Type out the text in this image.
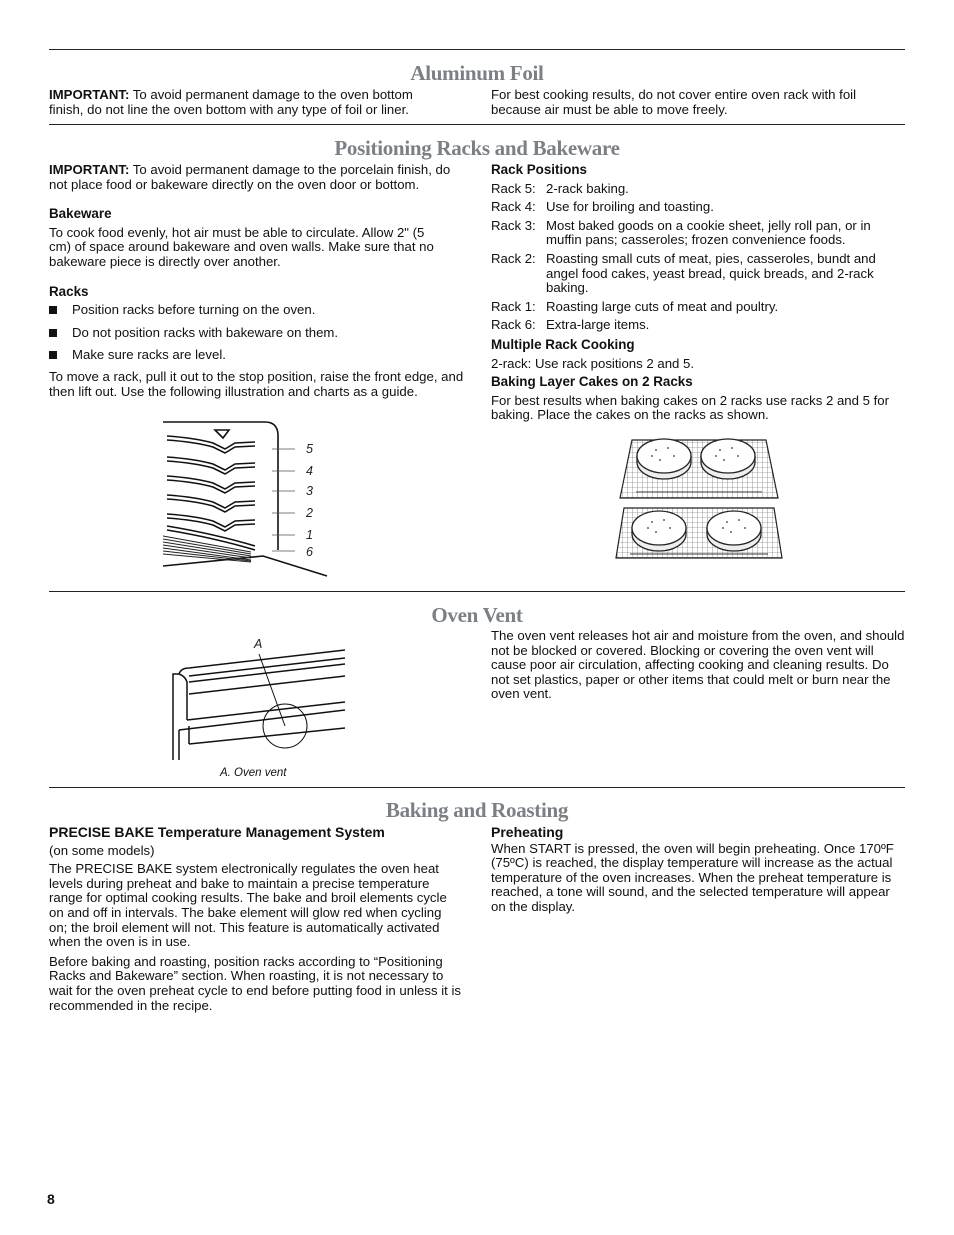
Aluminum Foil

IMPORTANT: To avoid permanent damage to the oven bottom finish, do not line the oven bottom with any type of foil or liner.

For best cooking results, do not cover entire oven rack with foil because air must be able to move freely.

Positioning Racks and Bakeware

IMPORTANT: To avoid permanent damage to the porcelain finish, do not place food or bakeware directly on the oven door or bottom.

Bakeware

To cook food evenly, hot air must be able to circulate. Allow 2" (5 cm) of space around bakeware and oven walls. Make sure that no bakeware piece is directly over another.

Racks

Position racks before turning on the oven.

Do not position racks with bakeware on them.

Make sure racks are level.

To move a rack, pull it out to the stop position, raise the front edge, and then lift out. Use the following illustration and charts as a guide.

5
4
3
2
1
6

Rack Positions

Rack 5: 2-rack baking.

Rack 4: Use for broiling and toasting.

Rack 3: Most baked goods on a cookie sheet, jelly roll pan, or in muffin pans; casseroles; frozen convenience foods.

Rack 2: Roasting small cuts of meat, pies, casseroles, bundt and angel food cakes, yeast bread, quick breads, and 2-rack baking.

Rack 1: Roasting large cuts of meat and poultry.

Rack 6: Extra-large items.

Multiple Rack Cooking

2-rack: Use rack positions 2 and 5.

Baking Layer Cakes on 2 Racks

For best results when baking cakes on 2 racks use racks 2 and 5 for baking. Place the cakes on the racks as shown.

Oven Vent
A
A. Oven vent
The oven vent releases hot air and moisture from the oven, and should not be blocked or covered. Blocking or covering the oven vent will cause poor air circulation, affecting cooking and cleaning results. Do not set plastics, paper or other items that could melt or burn near the oven vent.
Baking and Roasting

PRECISE BAKE Temperature Management System

(on some models)

The PRECISE BAKE system electronically regulates the oven heat levels during preheat and bake to maintain a precise temperature range for optimal cooking results. The bake and broil elements cycle on and off in intervals. The bake element will glow red when cycling on; the broil element will not. This feature is automatically activated when the oven is in use.

Before baking and roasting, position racks according to “Positioning Racks and Bakeware” section. When roasting, it is not necessary to wait for the oven preheat cycle to end before putting food in unless it is recommended in the recipe.

Preheating

When START is pressed, the oven will begin preheating. Once 170ºF (75ºC) is reached, the display temperature will increase as the actual temperature of the oven increases. When the preheat temperature is reached, a tone will sound, and the selected temperature will appear on the display.

8
